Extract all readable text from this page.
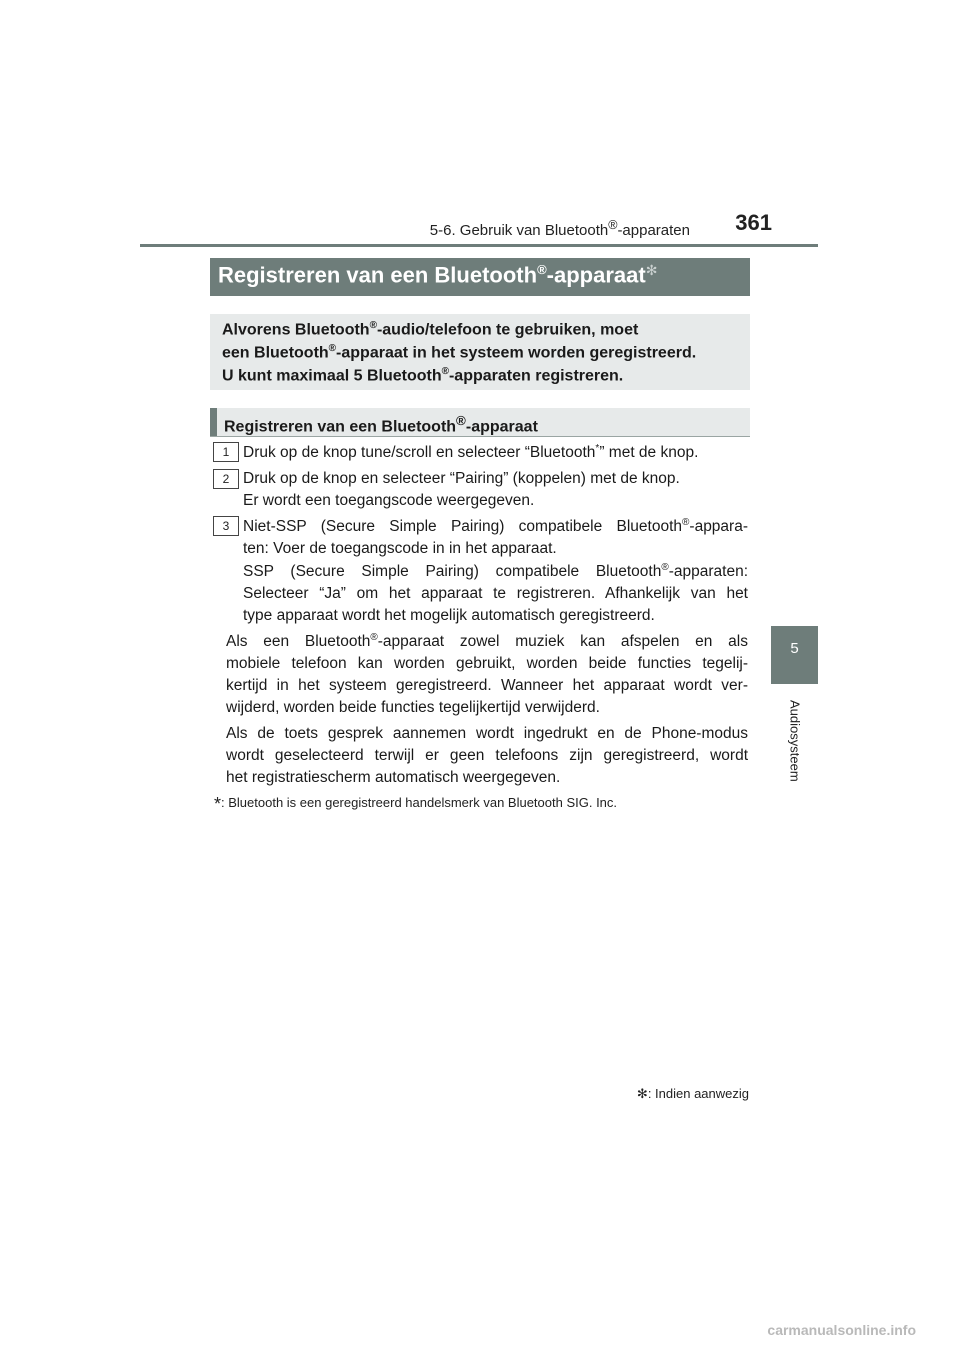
5-6. Gebruik van Bluetooth®-apparaten 361
5
Audiosysteem
Registreren van een Bluetooth®-apparaat✻
Alvorens Bluetooth®-audio/telefoon te gebruiken, moet
een Bluetooth®-apparaat in het systeem worden geregistreerd.
U kunt maximaal 5 Bluetooth®-apparaten registreren.
Registreren van een Bluetooth®-apparaat
1 Druk op de knop tune/scroll en selecteer “Bluetooth*” met de knop.
2 Druk op de knop en selecteer “Pairing” (koppelen) met de knop.
Er wordt een toegangscode weergegeven.
3 Niet-SSP (Secure Simple Pairing) compatibele Bluetooth®-appara-
ten: Voer de toegangscode in in het apparaat.
SSP (Secure Simple Pairing) compatibele Bluetooth®-apparaten:
Selecteer “Ja” om het apparaat te registreren. Afhankelijk van het
type apparaat wordt het mogelijk automatisch geregistreerd.
Als een Bluetooth®-apparaat zowel muziek kan afspelen en als
mobiele telefoon kan worden gebruikt, worden beide functies tegelij-
kertijd in het systeem geregistreerd. Wanneer het apparaat wordt ver-
wijderd, worden beide functies tegelijkertijd verwijderd.
Als de toets gesprek aannemen wordt ingedrukt en de Phone-modus
wordt geselecteerd terwijl er geen telefoons zijn geregistreerd, wordt
het registratiescherm automatisch weergegeven.
*: Bluetooth is een geregistreerd handelsmerk van Bluetooth SIG. Inc.
✻: Indien aanwezig
carmanualsonline.info
